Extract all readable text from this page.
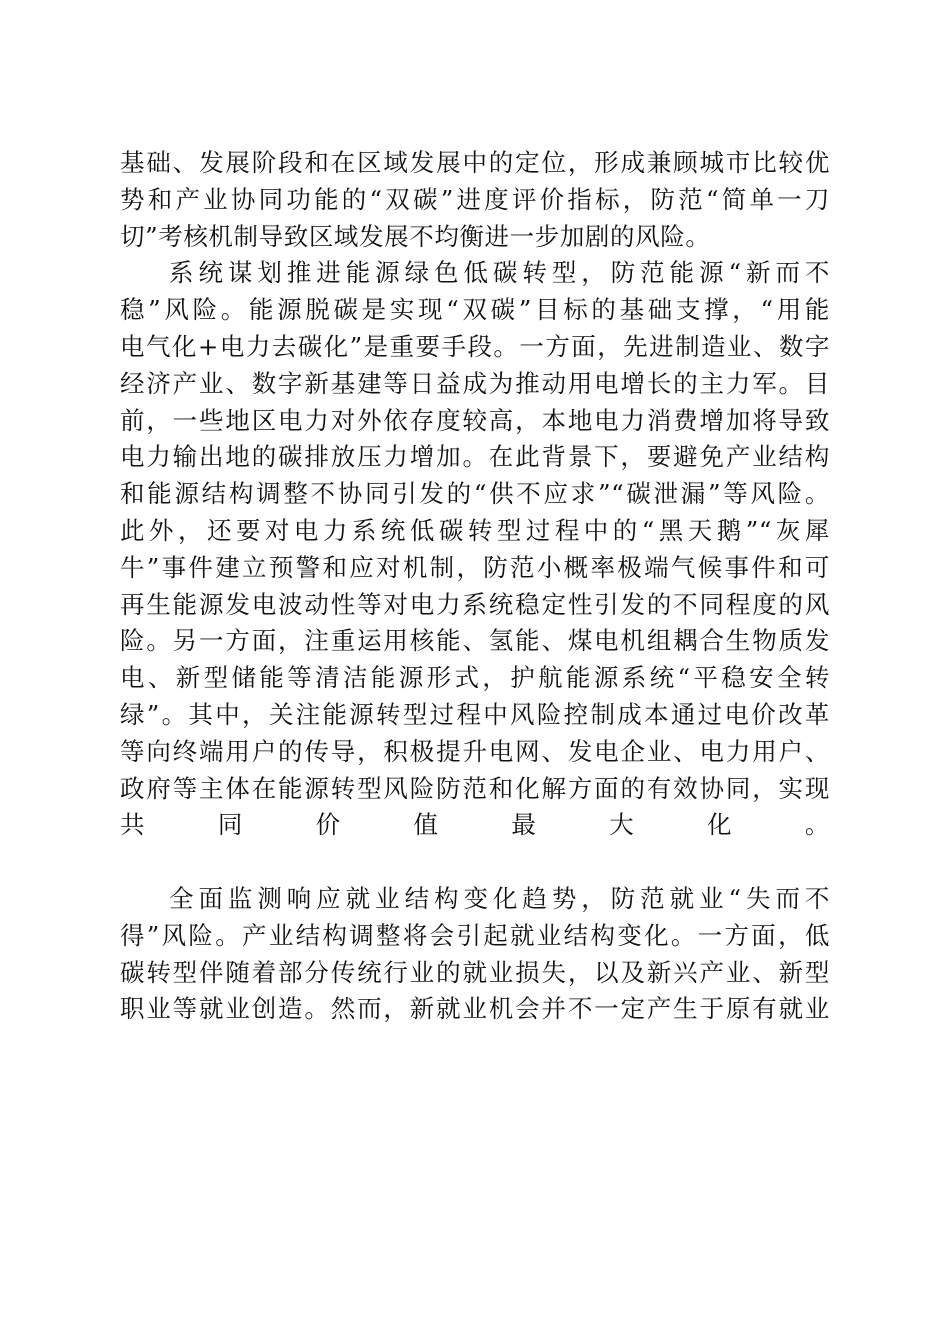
基础、发展阶段和在区域发展中的定位，形成兼顾城市比较优
势和产业协同功能的“双碳”进度评价指标，防范“简单一刀
切”考核机制导致区域发展不均衡进一步加剧的风险。
系统谋划推进能源绿色低碳转型，防范能源“新而不
稳”风险。能源脱碳是实现“双碳”目标的基础支撑，“用能
电气化+电力去碳化”是重要手段。一方面，先进制造业、数字
经济产业、数字新基建等日益成为推动用电增长的主力军。目
前，一些地区电力对外依存度较高，本地电力消费增加将导致
电力输出地的碳排放压力增加。在此背景下，要避免产业结构
和能源结构调整不协同引发的“供不应求”“碳泄漏”等风险。
此外，还要对电力系统低碳转型过程中的“黑天鹅”“灰犀
牛”事件建立预警和应对机制，防范小概率极端气候事件和可
再生能源发电波动性等对电力系统稳定性引发的不同程度的风
险。另一方面，注重运用核能、氢能、煤电机组耦合生物质发
电、新型储能等清洁能源形式，护航能源系统“平稳安全转
绿”。其中，关注能源转型过程中风险控制成本通过电价改革
等向终端用户的传导，积极提升电网、发电企业、电力用户、
政府等主体在能源转型风险防范和化解方面的有效协同，实现
共同价值最大化。
全面监测响应就业结构变化趋势，防范就业“失而不
得”风险。产业结构调整将会引起就业结构变化。一方面，低
碳转型伴随着部分传统行业的就业损失，以及新兴产业、新型
职业等就业创造。然而，新就业机会并不一定产生于原有就业
